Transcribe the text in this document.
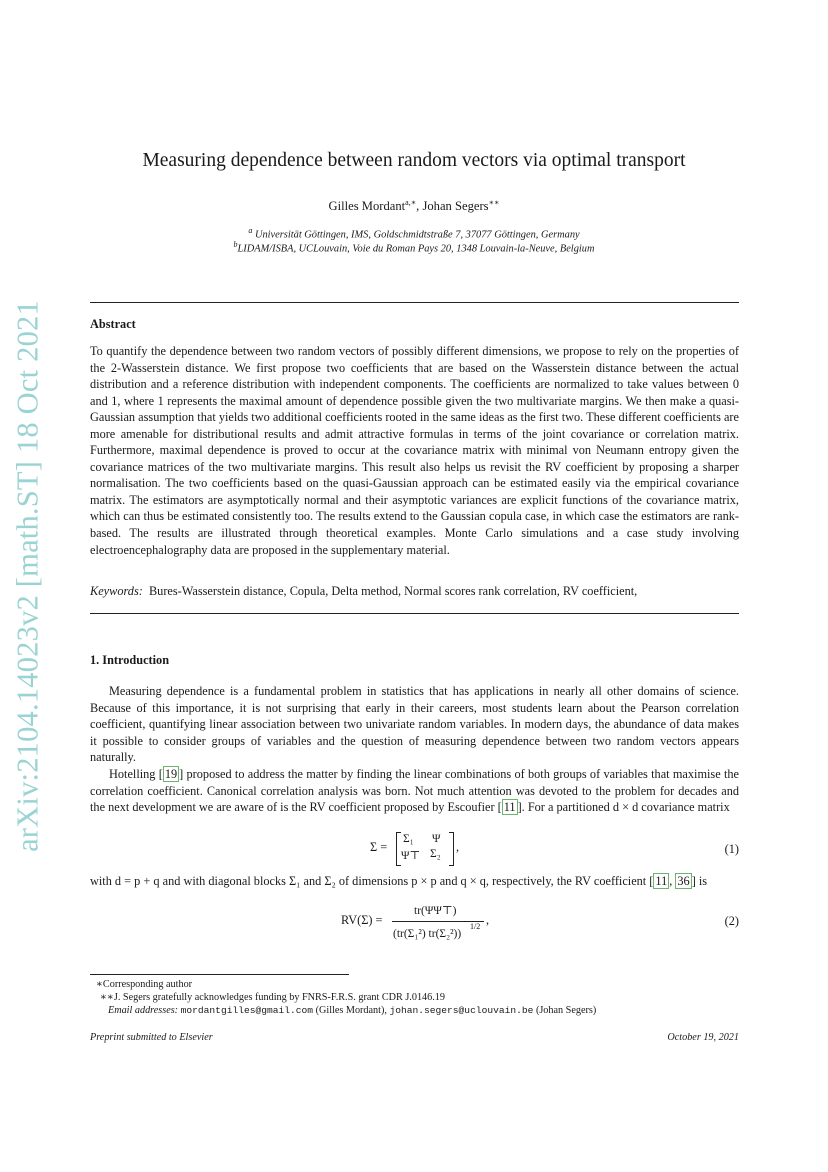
arXiv:2104.14023v2 [math.ST] 18 Oct 2021
Measuring dependence between random vectors via optimal transport
Gilles Mordant$^{a,∗}$, Johan Segers∗∗
$^a$ Universität Göttingen, IMS, Goldschmidtstraße 7, 37077 Göttingen, Germany
$^b$LIDAM/ISBA, UCLouvain, Voie du Roman Pays 20, 1348 Louvain-la-Neuve, Belgium
Abstract

To quantify the dependence between two random vectors of possibly different dimensions, we propose to rely on the properties of the 2-Wasserstein distance. We first propose two coefficients that are based on the Wasserstein distance between the actual distribution and a reference distribution with independent components. The coefficients are normalized to take values between 0 and 1, where 1 represents the maximal amount of dependence possible given the two multivariate margins. We then make a quasi-Gaussian assumption that yields two additional coefficients rooted in the same ideas as the first two. These different coefficients are more amenable for distributional results and admit attractive formulas in terms of the joint covariance or correlation matrix. Furthermore, maximal dependence is proved to occur at the covariance matrix with minimal von Neumann entropy given the covariance matrices of the two multivariate margins. This result also helps us revisit the RV coefficient by proposing a sharper normalisation. The two coefficients based on the quasi-Gaussian approach can be estimated easily via the empirical covariance matrix. The estimators are asymptotically normal and their asymptotic variances are explicit functions of the covariance matrix, which can thus be estimated consistently too. The results extend to the Gaussian copula case, in which case the estimators are rank-based. The results are illustrated through theoretical examples. Monte Carlo simulations and a case study involving electroencephalography data are proposed in the supplementary material.

Keywords: Bures-Wasserstein distance, Copula, Delta method, Normal scores rank correlation, RV coefficient,
1. Introduction

Measuring dependence is a fundamental problem in statistics that has applications in nearly all other domains of science. Because of this importance, it is not surprising that early in their careers, most students learn about the Pearson correlation coefficient, quantifying linear association between two univariate random variables. In modern days, the abundance of data makes it possible to consider groups of variables and the question of measuring dependence between two random vectors appears naturally.

Hotelling [ 19 ] proposed to address the matter by finding the linear combinations of both groups of variables that maximise the correlation coefficient. Canonical correlation analysis was born. Not much attention was devoted to the problem for decades and the next development we are aware of is the RV coefficient proposed by Escoufier [ 11 ]. For a partitioned d × d covariance matrix

Σ =
Σ₁ Ψ
Ψ⊤ Σ₂ ,	(1)

with d = p + q and with diagonal blocks Σ₁ and Σ₂ of dimensions p × p and q × q, respectively, the RV coefficient [ 11 , 36 ] is

RV(Σ) =
tr(ΨΨ⊤)
(tr(Σ₁²) tr(Σ₂²))
1/2 ,	(2)
∗Corresponding author
∗∗J. Segers gratefully acknowledges funding by FNRS-F.R.S. grant CDR J.0146.19
Email addresses: mordantgilles@gmail.com (Gilles Mordant), johan.segers@uclouvain.be (Johan Segers)
Preprint submitted to Elsevier	October 19, 2021
